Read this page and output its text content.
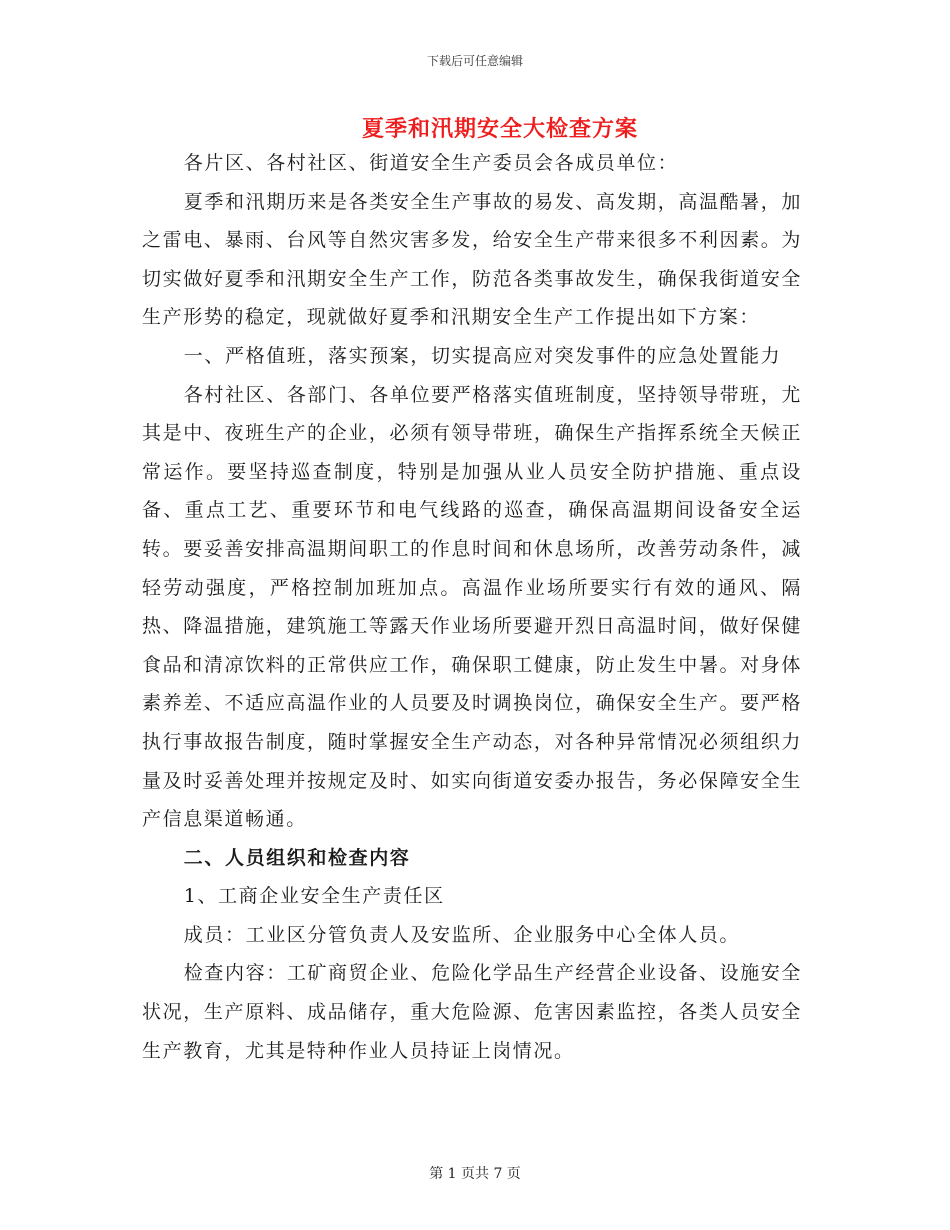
下载后可任意编辑
夏季和汛期安全大检查方案

各片区、各村社区、街道安全生产委员会各成员单位：

夏季和汛期历来是各类安全生产事故的易发、高发期，高温酷暑，加之雷电、暴雨、台风等自然灾害多发，给安全生产带来很多不利因素。为切实做好夏季和汛期安全生产工作，防范各类事故发生，确保我街道安全生产形势的稳定，现就做好夏季和汛期安全生产工作提出如下方案：

一、严格值班，落实预案，切实提高应对突发事件的应急处置能力

各村社区、各部门、各单位要严格落实值班制度，坚持领导带班，尤其是中、夜班生产的企业，必须有领导带班，确保生产指挥系统全天候正常运作。要坚持巡查制度，特别是加强从业人员安全防护措施、重点设备、重点工艺、重要环节和电气线路的巡查，确保高温期间设备安全运转。要妥善安排高温期间职工的作息时间和休息场所，改善劳动条件，减轻劳动强度，严格控制加班加点。高温作业场所要实行有效的通风、隔热、降温措施，建筑施工等露天作业场所要避开烈日高温时间，做好保健食品和清凉饮料的正常供应工作，确保职工健康，防止发生中暑。对身体素养差、不适应高温作业的人员要及时调换岗位，确保安全生产。要严格执行事故报告制度，随时掌握安全生产动态，对各种异常情况必须组织力量及时妥善处理并按规定及时、如实向街道安委办报告，务必保障安全生产信息渠道畅通。

二、人员组织和检查内容

1、工商企业安全生产责任区

成员：工业区分管负责人及安监所、企业服务中心全体人员。

检查内容：工矿商贸企业、危险化学品生产经营企业设备、设施安全状况，生产原料、成品储存，重大危险源、危害因素监控，各类人员安全生产教育，尤其是特种作业人员持证上岗情况。

第 1 页共 7 页
